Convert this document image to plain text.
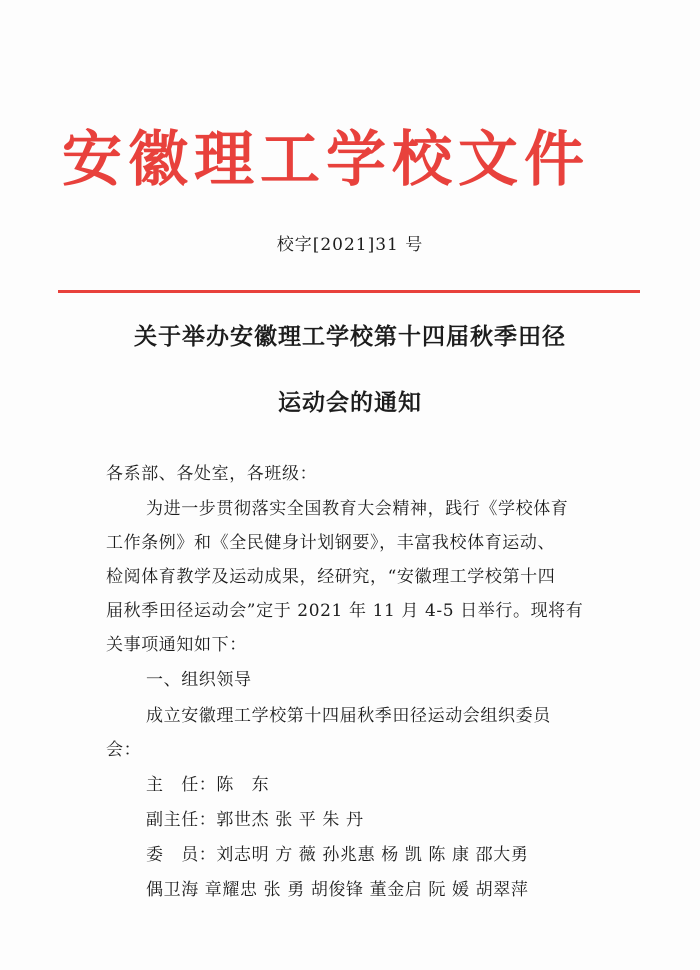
安徽理工学校文件
校字[2021]31 号
关于举办安徽理工学校第十四届秋季田径
运动会的通知
各系部、各处室，各班级：
为进一步贯彻落实全国教育大会精神，践行《学校体育
工作条例》和《全民健身计划钢要》，丰富我校体育运动、
检阅体育教学及运动成果，经研究，“安徽理工学校第十四
届秋季田径运动会”定于 2021 年 11 月 4-5 日举行。现将有
关事项通知如下：
一、组织领导
成立安徽理工学校第十四届秋季田径运动会组织委员
会：
主　任：陈　东
副主任：郭世杰 张 平 朱 丹
委　员：刘志明 方 薇 孙兆惠 杨 凯 陈 康 邵大勇
偶卫海 章耀忠 张 勇 胡俊锋 董金启 阮 媛 胡翠萍
